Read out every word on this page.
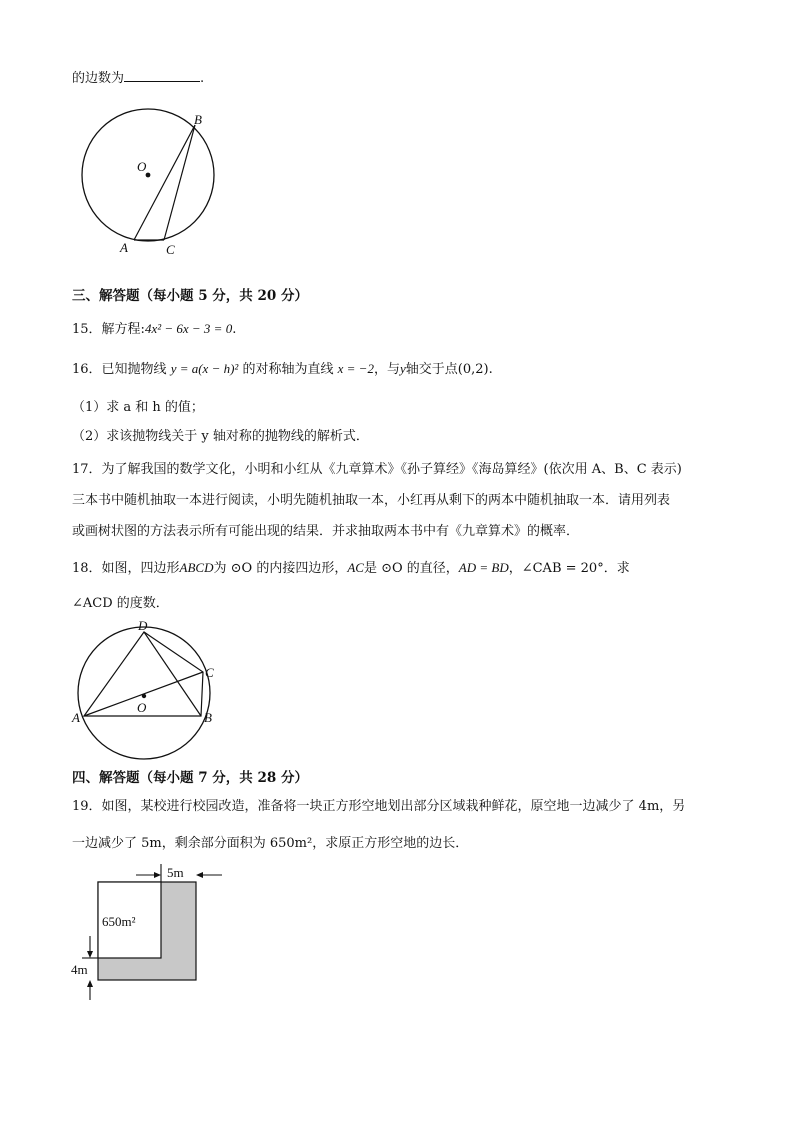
的边数为	.
B
O
A	C
三、解答题（每小题 5 分，共 20 分）
15．解方程:4x² − 6x − 3 = 0.
16．已知抛物线 y = a(x − h)² 的对称轴为直线 x = −2，与y轴交于点(0,2).
（1）求 a 和 h 的值；
（2）求该抛物线关于 y 轴对称的抛物线的解析式．
17．为了解我国的数学文化，小明和小红从《九章算术》《孙子算经》《海岛算经》(依次用 A、B、C 表示)
三本书中随机抽取一本进行阅读，小明先随机抽取一本，小红再从剩下的两本中随机抽取一本．请用列表
或画树状图的方法表示所有可能出现的结果．并求抽取两本书中有《九章算术》的概率．
18．如图，四边形ABCD为 ⊙O 的内接四边形，AC是 ⊙O 的直径，AD = BD，∠CAB = 20°．求
∠ACD 的度数．
D
C
A
O
B
四、解答题（每小题 7 分，共 28 分）
19．如图，某校进行校园改造，准备将一块正方形空地划出部分区域栽种鲜花，原空地一边减少了 4m，另
一边减少了 5m，剩余部分面积为 650m²，求原正方形空地的边长．
650m²
5m
4m
